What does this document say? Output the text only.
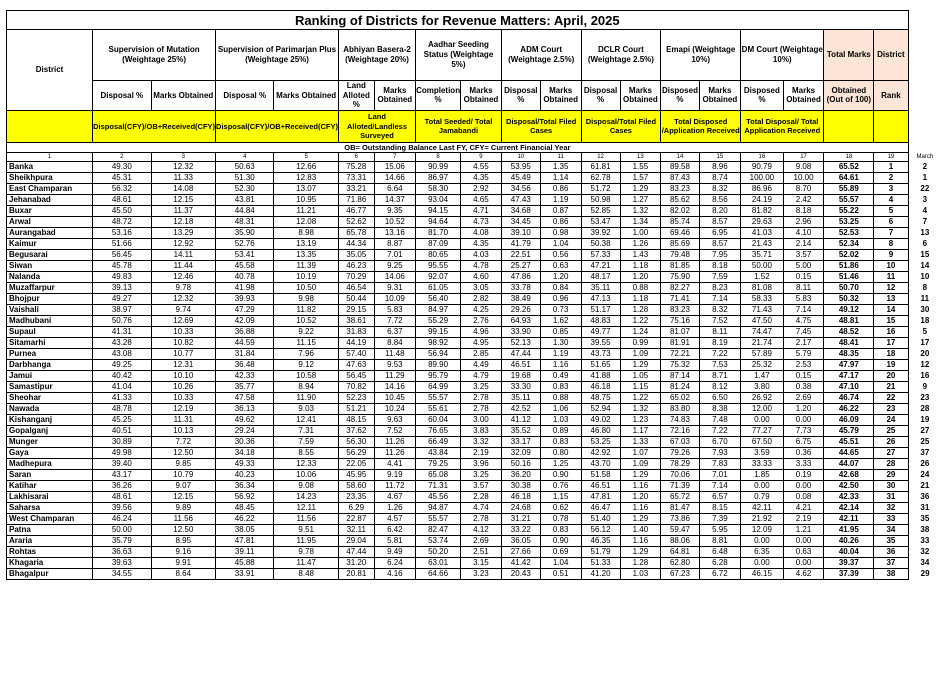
Ranking of Districts for Revenue Matters: April, 2025																			
District	Supervision of Mutation (Weightage 25%)		Supervision of Parimarjan Plus (Weightage 25%)		Abhiyan Basera-2 (Weightage 20%)		Aadhar Seeding Status (Weightage 5%)		ADM Court (Weightage 2.5%)		DCLR Court (Weightage 2.5%)		Emapi (Weightage 10%)		DM Court (Weightage 10%)		Total Marks	District	
	Disposal %	Marks Obtained	Disposal %	Marks Obtained	Land Alloted %	Marks Obtained	Completion %	Marks Obtained	Disposal %	Marks Obtained	Disposal %	Marks Obtained	Disposed %	Marks Obtained	Disposed %	Marks Obtained	Obtained (Out of 100)	Rank	
	Disposal(CFY)/OB+Received(CFY)		Disposal(CFY)/OB+Received(CFY)		Land Alloted/Landless Surveyed		Total Seeded/ Total Jamabandi		Disposal/Total Filed Cases		Disposal/Total Filed Cases		Total Disposed /Application Received		Total Disposal/ Total Application Received				
OB= Outstanding Balance Last FY, CFY= Current Financial Year																			
1	2	3	4	5	6	7	8	9	10	11	12	13	14	15	16	17	18	19	March
Banka	49.30	12.32	50.63	12.66	75.28	15.06	90.99	4.55	53.95	1.35	61.81	1.55	89.58	8.96	90.79	9.08	65.52	1	2
Sheikhpura	45.31	11.33	51.30	12.83	73.31	14.66	86.97	4.35	45.49	1.14	62.78	1.57	87.43	8.74	100.00	10.00	64.61	2	1
East Champaran	56.32	14.08	52.30	13.07	33.21	6.64	58.30	2.92	34.56	0.86	51.72	1.29	83.23	8.32	86.96	8.70	55.89	3	22
Jehanabad	48.61	12.15	43.81	10.95	71.86	14.37	93.04	4.65	47.43	1.19	50.98	1.27	85.62	8.56	24.19	2.42	55.57	4	3
Buxar	45.50	11.37	44.84	11.21	46.77	9.35	94.15	4.71	34.68	0.87	52.85	1.32	82.02	8.20	81.82	8.18	55.22	5	4
Arwal	48.72	12.18	48.31	12.08	52.62	10.52	94.64	4.73	34.45	0.86	53.47	1.34	85.74	8.57	29.63	2.96	53.25	6	7
Aurangabad	53.16	13.29	35.90	8.98	65.78	13.16	81.70	4.08	39.10	0.98	39.92	1.00	69.46	6.95	41.03	4.10	52.53	7	13
Kaimur	51.66	12.92	52.76	13.19	44.34	8.87	87.09	4.35	41.79	1.04	50.38	1.26	85.69	8.57	21.43	2.14	52.34	8	6
Begusarai	56.45	14.11	53.41	13.35	35.05	7.01	80.65	4.03	22.51	0.56	57.33	1.43	79.48	7.95	35.71	3.57	52.02	9	15
Siwan	45.78	11.44	45.58	11.39	46.23	9.25	95.55	4.78	25.27	0.63	47.21	1.18	81.85	8.18	50.00	5.00	51.86	10	14
Nalanda	49.83	12.46	40.78	10.19	70.29	14.06	92.07	4.60	47.86	1.20	48.17	1.20	75.90	7.59	1.52	0.15	51.46	11	10
Muzaffarpur	39.13	9.78	41.98	10.50	46.54	9.31	61.05	3.05	33.78	0.84	35.11	0.88	82.27	8.23	81.08	8.11	50.70	12	8
Bhojpur	49.27	12.32	39.93	9.98	50.44	10.09	56.40	2.82	38.49	0.96	47.13	1.18	71.41	7.14	58.33	5.83	50.32	13	11
Vaishali	38.97	9.74	47.29	11.82	29.15	5.83	84.97	4.25	29.26	0.73	51.17	1.28	83.23	8.32	71.43	7.14	49.12	14	30
Madhubani	50.76	12.69	42.09	10.52	38.61	7.72	55.29	2.76	64.93	1.62	48.83	1.22	75.16	7.52	47.50	4.75	48.81	15	18
Supaul	41.31	10.33	36.88	9.22	31.83	6.37	99.15	4.96	33.90	0.85	49.77	1.24	81.07	8.11	74.47	7.45	48.52	16	5
Sitamarhi	43.28	10.82	44.59	11.15	44.19	8.84	98.92	4.95	52.13	1.30	39.55	0.99	81.91	8.19	21.74	2.17	48.41	17	17
Purnea	43.08	10.77	31.84	7.96	57.40	11.48	56.94	2.85	47.44	1.19	43.73	1.09	72.21	7.22	57.89	5.79	48.35	18	20
Darbhanga	49.25	12.31	36.48	9.12	47.63	9.53	89.90	4.49	46.51	1.16	51.65	1.29	75.32	7.53	25.32	2.53	47.97	19	12
Jamui	40.42	10.10	42.33	10.58	56.45	11.29	95.79	4.79	19.68	0.49	41.88	1.05	87.14	8.71	1.47	0.15	47.17	20	16
Samastipur	41.04	10.26	35.77	8.94	70.82	14.16	64.99	3.25	33.30	0.83	46.18	1.15	81.24	8.12	3.80	0.38	47.10	21	9
Sheohar	41.33	10.33	47.58	11.90	52.23	10.45	55.57	2.78	35.11	0.88	48.75	1.22	65.02	6.50	26.92	2.69	46.74	22	23
Nawada	48.78	12.19	36.13	9.03	51.21	10.24	55.61	2.78	42.52	1.06	52.94	1.32	83.80	8.38	12.00	1.20	46.22	23	28
Kishanganj	45.25	11.31	49.62	12.41	48.15	9.63	60.04	3.00	41.12	1.03	49.02	1.23	74.83	7.48	0.00	0.00	46.09	24	19
Gopalganj	40.51	10.13	29.24	7.31	37.62	7.52	76.65	3.83	35.52	0.89	46.80	1.17	72.16	7.22	77.27	7.73	45.79	25	27
Munger	30.89	7.72	30.36	7.59	56.30	11.26	66.49	3.32	33.17	0.83	53.25	1.33	67.03	6.70	67.50	6.75	45.51	26	25
Gaya	49.98	12.50	34.18	8.55	56.29	11.26	43.84	2.19	32.09	0.80	42.92	1.07	79.26	7.93	3.59	0.36	44.65	27	37
Madhepura	39.40	9.85	49.33	12.33	22.05	4.41	79.25	3.96	50.16	1.25	43.70	1.09	78.29	7.83	33.33	3.33	44.07	28	26
Saran	43.17	10.79	40.23	10.06	45.95	9.19	65.08	3.25	36.20	0.90	51.58	1.29	70.06	7.01	1.85	0.19	42.68	29	24
Katihar	36.26	9.07	36.34	9.08	58.60	11.72	71.31	3.57	30.38	0.76	46.51	1.16	71.39	7.14	0.00	0.00	42.50	30	21
Lakhisarai	48.61	12.15	56.92	14.23	23.35	4.67	45.56	2.28	46.18	1.15	47.81	1.20	65.72	6.57	0.79	0.08	42.33	31	36
Saharsa	39.56	9.89	48.45	12.11	6.29	1.26	94.87	4.74	24.68	0.62	46.47	1.16	81.47	8.15	42.11	4.21	42.14	32	31
West Champaran	46.24	11.56	46.22	11.56	22.87	4.57	55.57	2.78	31.21	0.78	51.40	1.29	73.86	7.39	21.92	2.19	42.11	33	35
Patna	50.00	12.50	38.05	9.51	32.11	6.42	82.47	4.12	33.22	0.83	56.12	1.40	59.47	5.95	12.09	1.21	41.95	34	38
Araria	35.79	8.95	47.81	11.95	29.04	5.81	53.74	2.69	36.05	0.90	46.35	1.16	88.06	8.81	0.00	0.00	40.26	35	33
Rohtas	36.63	9.16	39.11	9.78	47.44	9.49	50.20	2.51	27.66	0.69	51.79	1.29	64.81	6.48	6.35	0.63	40.04	36	32
Khagaria	39.63	9.91	45.88	11.47	31.20	6.24	63.01	3.15	41.42	1.04	51.33	1.28	62.80	6.28	0.00	0.00	39.37	37	34
Bhagalpur	34.55	8.64	33.91	8.48	20.81	4.16	64.66	3.23	20.43	0.51	41.20	1.03	67.23	6.72	46.15	4.62	37.39	38	29
